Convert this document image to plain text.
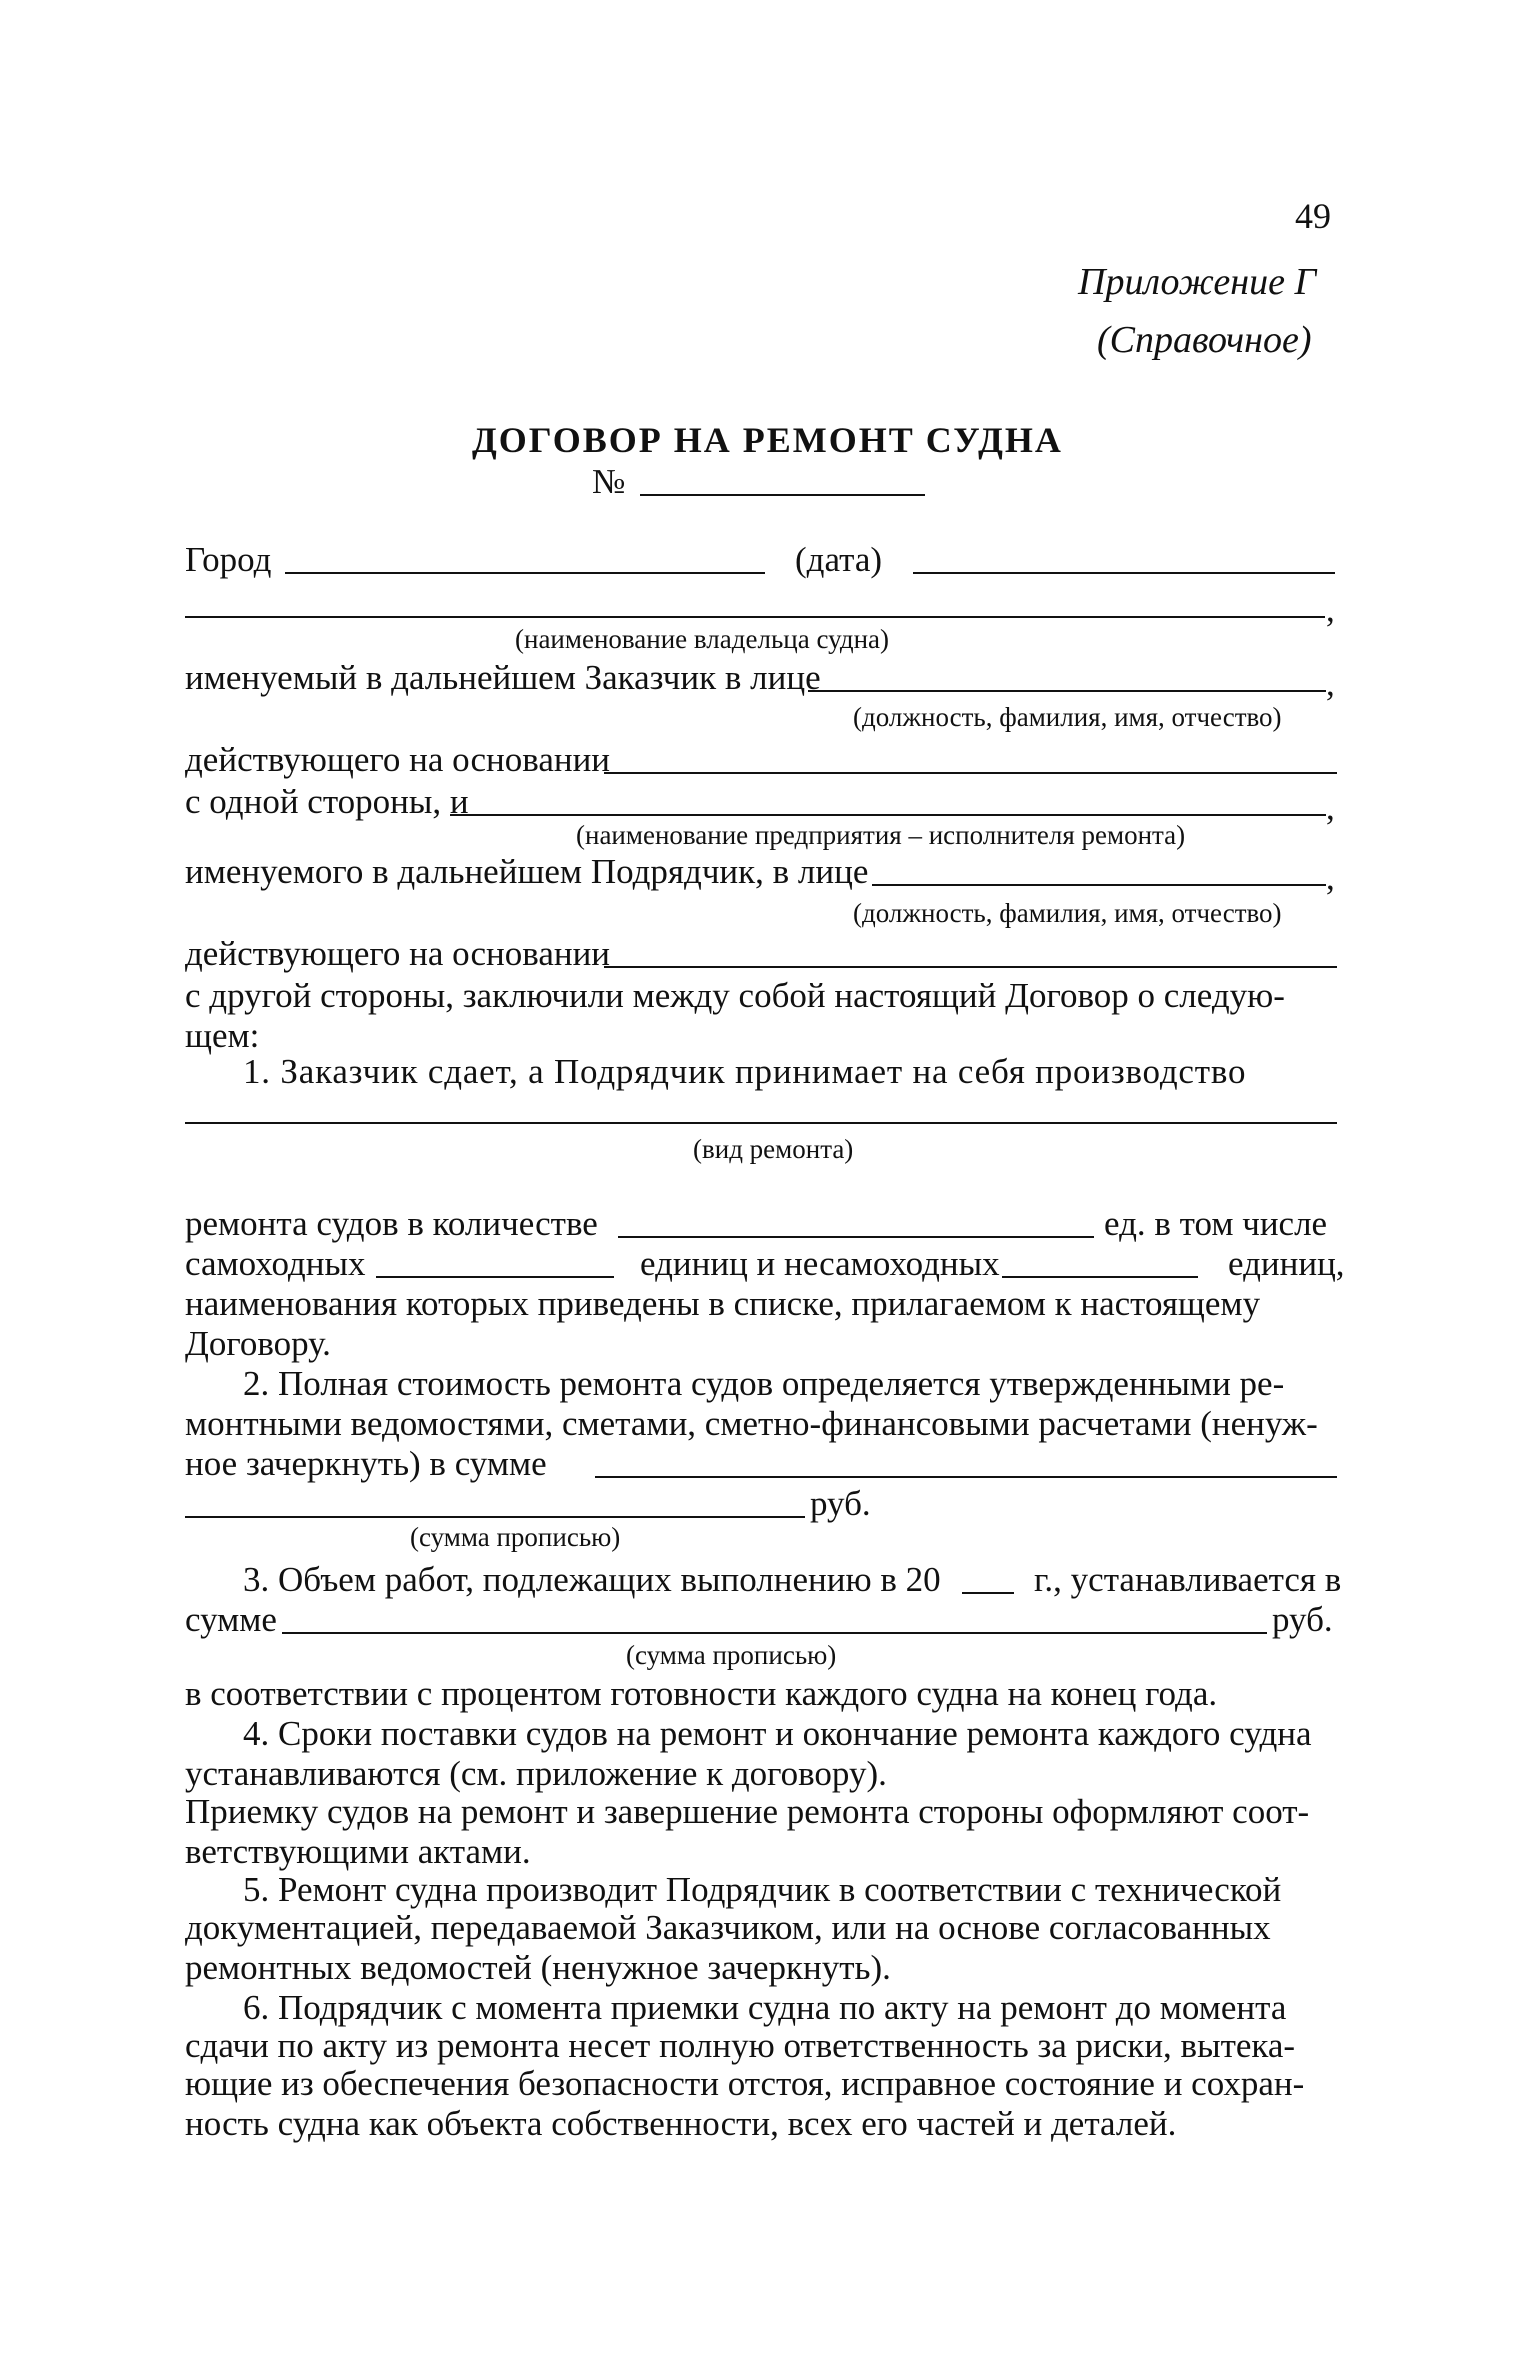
49
Приложение Г
(Справочное)
ДОГОВОР НА РЕМОНТ СУДНА
№
Город	(дата)
,
(наименование владельца судна)
именуемый в дальнейшем Заказчик в лице	,
(должность, фамилия, имя, отчество)
действующего на основании
с одной стороны, и	,
(наименование предприятия – исполнителя ремонта)
именуемого в дальнейшем Подрядчик, в лице	,
(должность, фамилия, имя, отчество)
действующего на основании
с другой стороны, заключили между собой настоящий Договор о следую-
щем:
1. Заказчик сдает, а Подрядчик принимает на себя производство
(вид ремонта)
ремонта судов в количестве	ед. в том числе
самоходных	единиц и несамоходных	единиц,
наименования которых приведены в списке, прилагаемом к настоящему
Договору.
2. Полная стоимость ремонта судов определяется утвержденными ре-
монтными ведомостями, сметами, сметно-финансовыми расчетами (ненуж-
ное зачеркнуть) в сумме
руб.
(сумма прописью)
3. Объем работ, подлежащих выполнению в 20	г., устанавливается в
сумме	руб.
(сумма прописью)
в соответствии с процентом готовности каждого судна на конец года.
4. Сроки поставки судов на ремонт и окончание ремонта каждого судна
устанавливаются (см. приложение к договору).
Приемку судов на ремонт и завершение ремонта стороны оформляют соот-
ветствующими актами.
5. Ремонт судна производит Подрядчик в соответствии с технической
документацией, передаваемой Заказчиком, или на основе согласованных
ремонтных ведомостей (ненужное зачеркнуть).
6. Подрядчик с момента приемки судна по акту на ремонт до момента
сдачи по акту из ремонта несет полную ответственность за риски, вытека-
ющие из обеспечения безопасности отстоя, исправное состояние и сохран-
ность судна как объекта собственности, всех его частей и деталей.
